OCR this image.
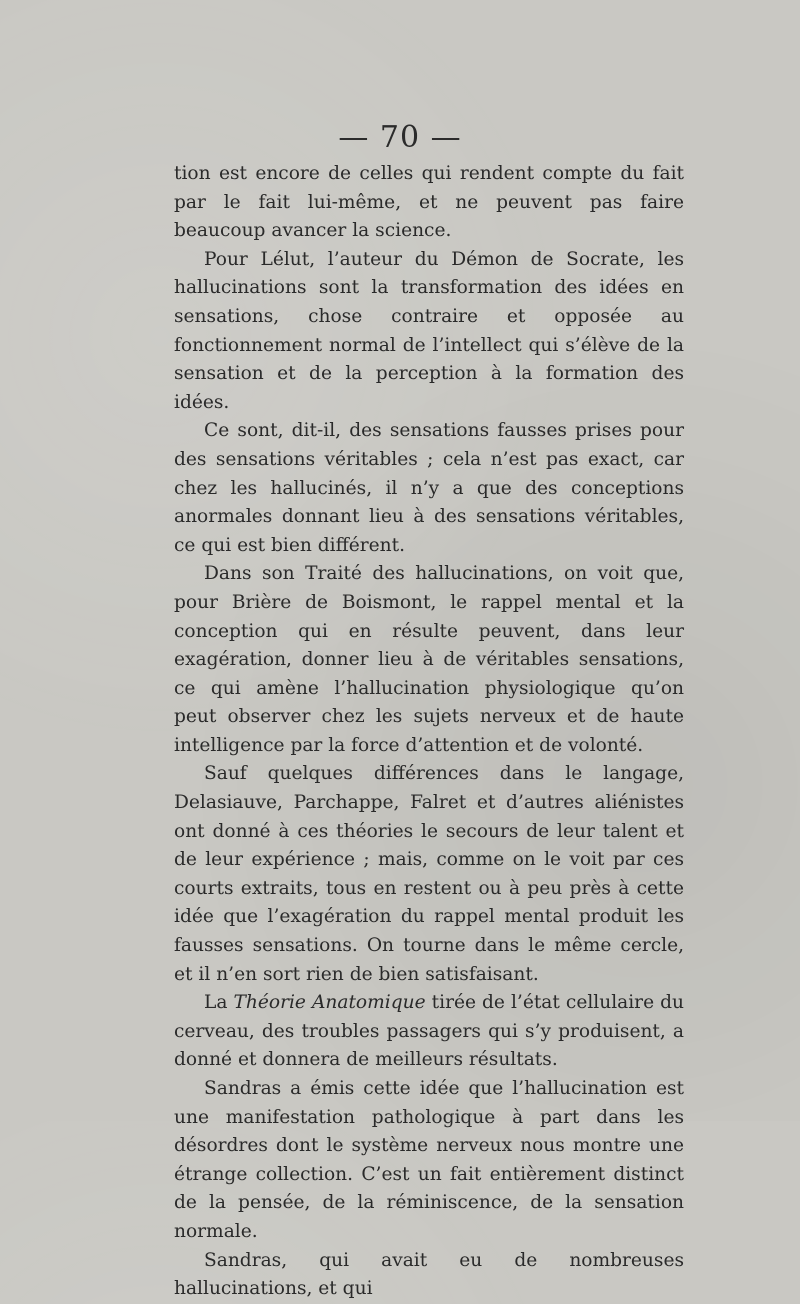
— 70 —

tion est encore de celles qui rendent compte du fait par le fait lui-même, et ne peuvent pas faire beaucoup avancer la science.

Pour Lélut, l’auteur du Démon de Socrate, les hallucinations sont la transformation des idées en sensations, chose contraire et opposée au fonctionnement normal de l’intellect qui s’élève de la sensation et de la perception à la formation des idées.

Ce sont, dit-il, des sensations fausses prises pour des sensations véritables ; cela n’est pas exact, car chez les hallucinés, il n’y a que des conceptions anormales donnant lieu à des sensations véritables, ce qui est bien différent.

Dans son Traité des hallucinations, on voit que, pour Brière de Boismont, le rappel mental et la conception qui en résulte peuvent, dans leur exagération, donner lieu à de véritables sensations, ce qui amène l’hallucination physiologique qu’on peut observer chez les sujets nerveux et de haute intelligence par la force d’attention et de volonté.

Sauf quelques différences dans le langage, Delasiauve, Parchappe, Falret et d’autres aliénistes ont donné à ces théories le secours de leur talent et de leur expérience ; mais, comme on le voit par ces courts extraits, tous en restent ou à peu près à cette idée que l’exagération du rappel mental produit les fausses sensations. On tourne dans le même cercle, et il n’en sort rien de bien satisfaisant.

La Théorie Anatomique tirée de l’état cellulaire du cerveau, des troubles passagers qui s’y produisent, a donné et donnera de meilleurs résultats.

Sandras a émis cette idée que l’hallucination est une manifestation pathologique à part dans les désordres dont le système nerveux nous montre une étrange collection. C’est un fait entièrement distinct de la pensée, de la réminiscence, de la sensation normale.

Sandras, qui avait eu de nombreuses hallucinations, et qui
